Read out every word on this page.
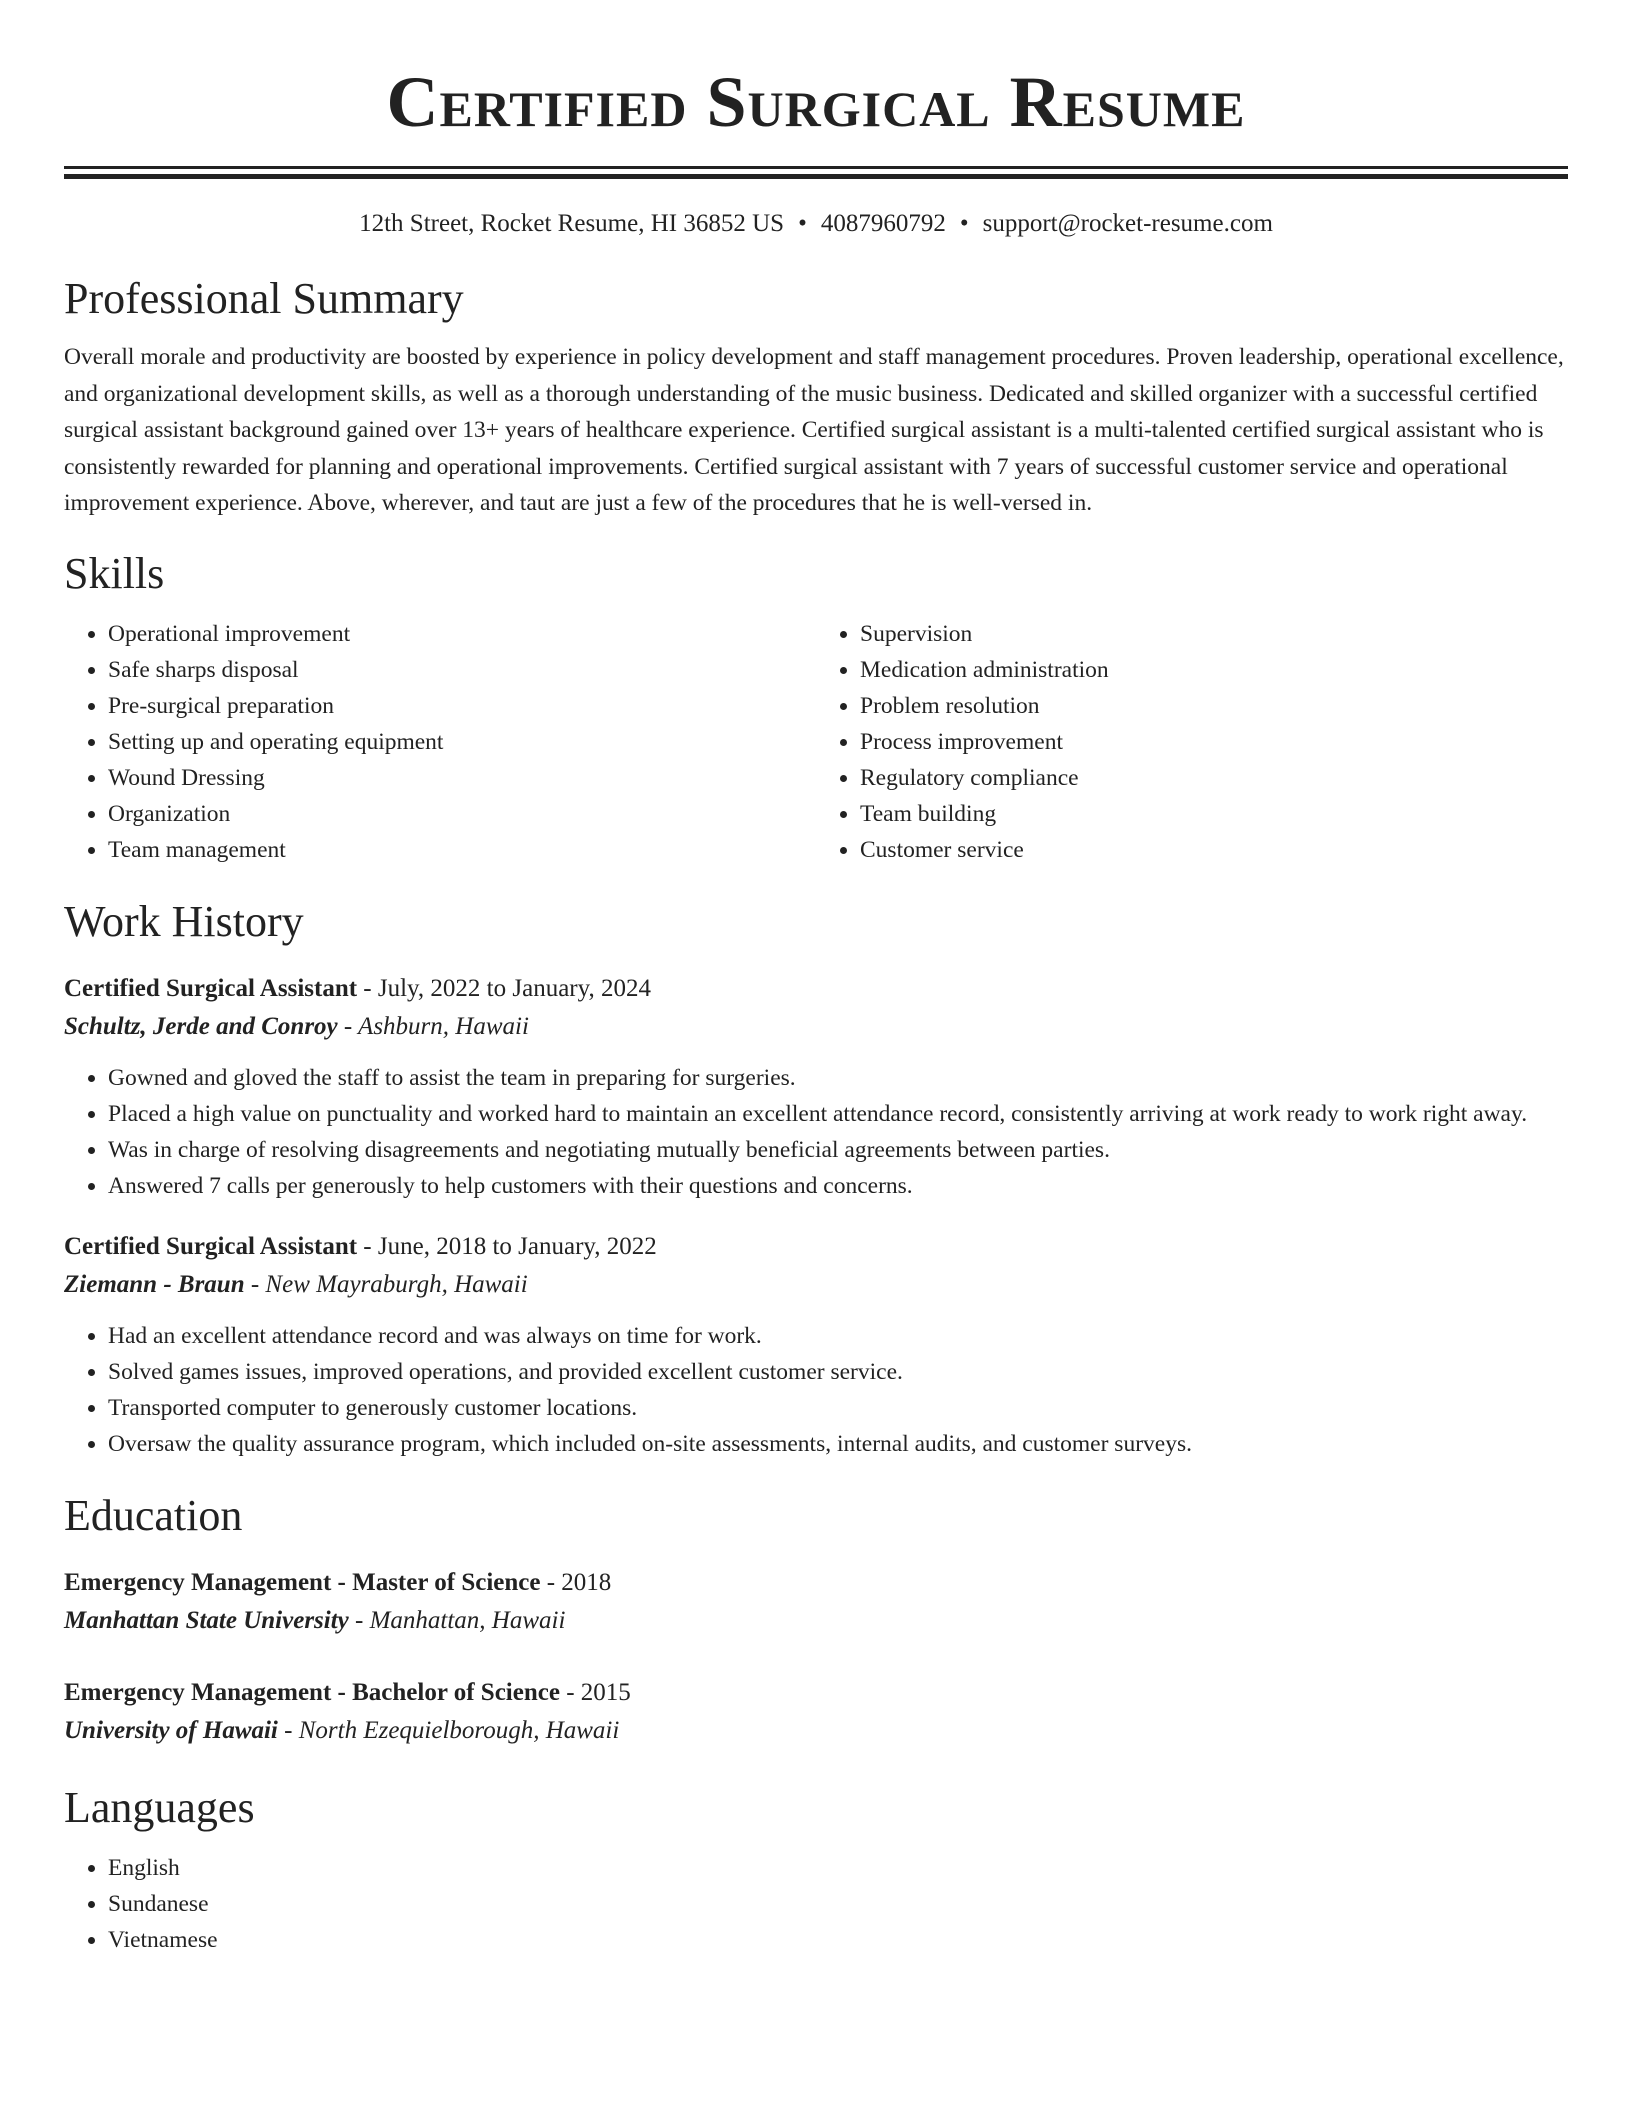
Certified Surgical Resume
12th Street, Rocket Resume, HI 36852 US • 4087960792 • support@rocket-resume.com
Professional Summary
Overall morale and productivity are boosted by experience in policy development and staff management procedures. Proven leadership, operational excellence, and organizational development skills, as well as a thorough understanding of the music business. Dedicated and skilled organizer with a successful certified surgical assistant background gained over 13+ years of healthcare experience. Certified surgical assistant is a multi-talented certified surgical assistant who is consistently rewarded for planning and operational improvements. Certified surgical assistant with 7 years of successful customer service and operational improvement experience. Above, wherever, and taut are just a few of the procedures that he is well-versed in.
Skills
• Operational improvement
• Safe sharps disposal
• Pre-surgical preparation
• Setting up and operating equipment
• Wound Dressing
• Organization
• Team management
• Supervision
• Medication administration
• Problem resolution
• Process improvement
• Regulatory compliance
• Team building
• Customer service
Work History
Certified Surgical Assistant - July, 2022 to January, 2024
Schultz, Jerde and Conroy - Ashburn, Hawaii
• Gowned and gloved the staff to assist the team in preparing for surgeries.
• Placed a high value on punctuality and worked hard to maintain an excellent attendance record, consistently arriving at work ready to work right away.
• Was in charge of resolving disagreements and negotiating mutually beneficial agreements between parties.
• Answered 7 calls per generously to help customers with their questions and concerns.
Certified Surgical Assistant - June, 2018 to January, 2022
Ziemann - Braun - New Mayraburgh, Hawaii
• Had an excellent attendance record and was always on time for work.
• Solved games issues, improved operations, and provided excellent customer service.
• Transported computer to generously customer locations.
• Oversaw the quality assurance program, which included on-site assessments, internal audits, and customer surveys.
Education
Emergency Management - Master of Science - 2018
Manhattan State University - Manhattan, Hawaii
Emergency Management - Bachelor of Science - 2015
University of Hawaii - North Ezequielborough, Hawaii
Languages
• English
• Sundanese
• Vietnamese
